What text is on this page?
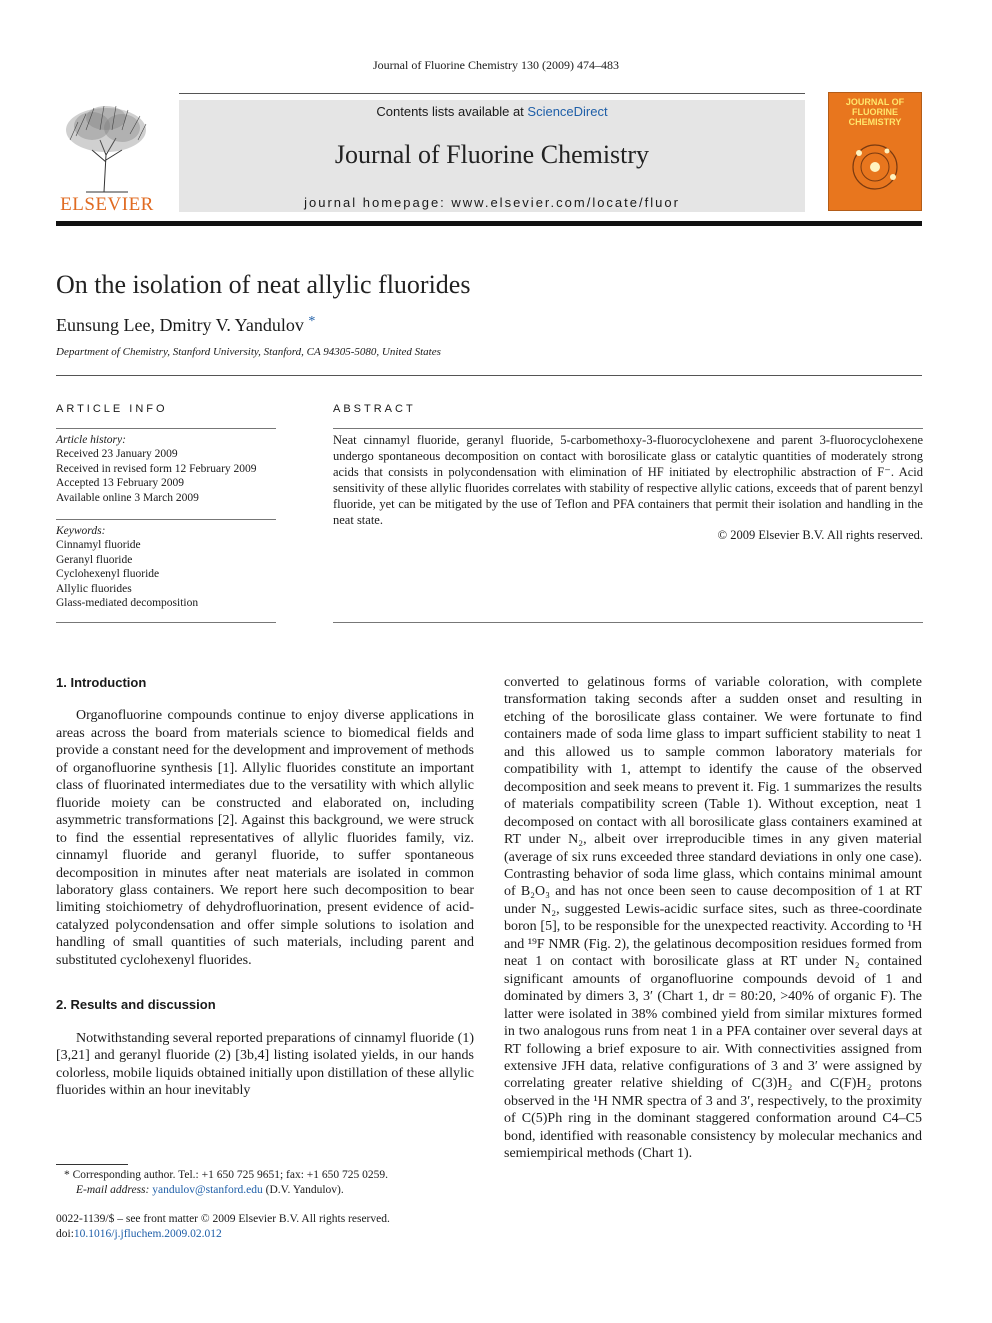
Journal of Fluorine Chemistry 130 (2009) 474–483
ELSEVIER
Contents lists available at ScienceDirect
Journal of Fluorine Chemistry
journal homepage: www.elsevier.com/locate/fluor
JOURNAL OF FLUORINE CHEMISTRY
On the isolation of neat allylic fluorides
Eunsung Lee, Dmitry V. Yandulov *
Department of Chemistry, Stanford University, Stanford, CA 94305-5080, United States
ARTICLE INFO
Article history:
Received 23 January 2009
Received in revised form 12 February 2009
Accepted 13 February 2009
Available online 3 March 2009
Keywords:
Cinnamyl fluoride
Geranyl fluoride
Cyclohexenyl fluoride
Allylic fluorides
Glass-mediated decomposition
ABSTRACT
Neat cinnamyl fluoride, geranyl fluoride, 5-carbomethoxy-3-fluorocyclohexene and parent 3-fluorocyclohexene undergo spontaneous decomposition on contact with borosilicate glass or catalytic quantities of moderately strong acids that consists in polycondensation with elimination of HF initiated by electrophilic abstraction of F⁻. Acid sensitivity of these allylic fluorides correlates with stability of respective allylic cations, exceeds that of parent benzyl fluoride, yet can be mitigated by the use of Teflon and PFA containers that permit their isolation and handling in the neat state.
© 2009 Elsevier B.V. All rights reserved.
1. Introduction

Organofluorine compounds continue to enjoy diverse applications in areas across the board from materials science to biomedical fields and provide a constant need for the development and improvement of methods of organofluorine synthesis [1]. Allylic fluorides constitute an important class of fluorinated intermediates due to the versatility with which allylic fluoride moiety can be constructed and elaborated on, including asymmetric transformations [2]. Against this background, we were struck to find the essential representatives of allylic fluorides family, viz. cinnamyl fluoride and geranyl fluoride, to suffer spontaneous decomposition in minutes after neat materials are isolated in common laboratory glass containers. We report here such decomposition to bear limiting stoichiometry of dehydrofluorination, present evidence of acid-catalyzed polycondensation and offer simple solutions to isolation and handling of small quantities of such materials, including parent and substituted cyclohexenyl fluorides.

2. Results and discussion

Notwithstanding several reported preparations of cinnamyl fluoride (1) [3,21] and geranyl fluoride (2) [3b,4] listing isolated yields, in our hands colorless, mobile liquids obtained initially upon distillation of these allylic fluorides within an hour inevitably

converted to gelatinous forms of variable coloration, with complete transformation taking seconds after a sudden onset and resulting in etching of the borosilicate glass container. We were fortunate to find containers made of soda lime glass to impart sufficient stability to neat 1 and this allowed us to sample common laboratory materials for compatibility with 1, attempt to identify the cause of the observed decomposition and seek means to prevent it. Fig. 1 summarizes the results of materials compatibility screen (Table 1). Without exception, neat 1 decomposed on contact with all borosilicate glass containers examined at RT under N₂, albeit over irreproducible times in any given material (average of six runs exceeded three standard deviations in only one case). Contrasting behavior of soda lime glass, which contains minimal amount of B₂O₃ and has not once been seen to cause decomposition of 1 at RT under N₂, suggested Lewis-acidic surface sites, such as three-coordinate boron [5], to be responsible for the unexpected reactivity. According to ¹H and ¹⁹F NMR (Fig. 2), the gelatinous decomposition residues formed from neat 1 on contact with borosilicate glass at RT under N₂ contained significant amounts of organofluorine compounds devoid of 1 and dominated by dimers 3, 3′ (Chart 1, dr = 80:20, >40% of organic F). The latter were isolated in 38% combined yield from similar mixtures formed in two analogous runs from neat 1 in a PFA container over several days at RT following a brief exposure to air. With connectivities assigned from extensive JFH data, relative configurations of 3 and 3′ were assigned by correlating greater relative shielding of C(3)H₂ and C(F)H₂ protons observed in the ¹H NMR spectra of 3 and 3′, respectively, to the proximity of C(5)Ph ring in the dominant staggered conformation around C4–C5 bond, identified with reasonable consistency by molecular mechanics and semiempirical methods (Chart 1).

* Corresponding author. Tel.: +1 650 725 9651; fax: +1 650 725 0259.
E-mail address: yandulov@stanford.edu (D.V. Yandulov).
0022-1139/$ – see front matter © 2009 Elsevier B.V. All rights reserved.
doi:10.1016/j.jfluchem.2009.02.012
